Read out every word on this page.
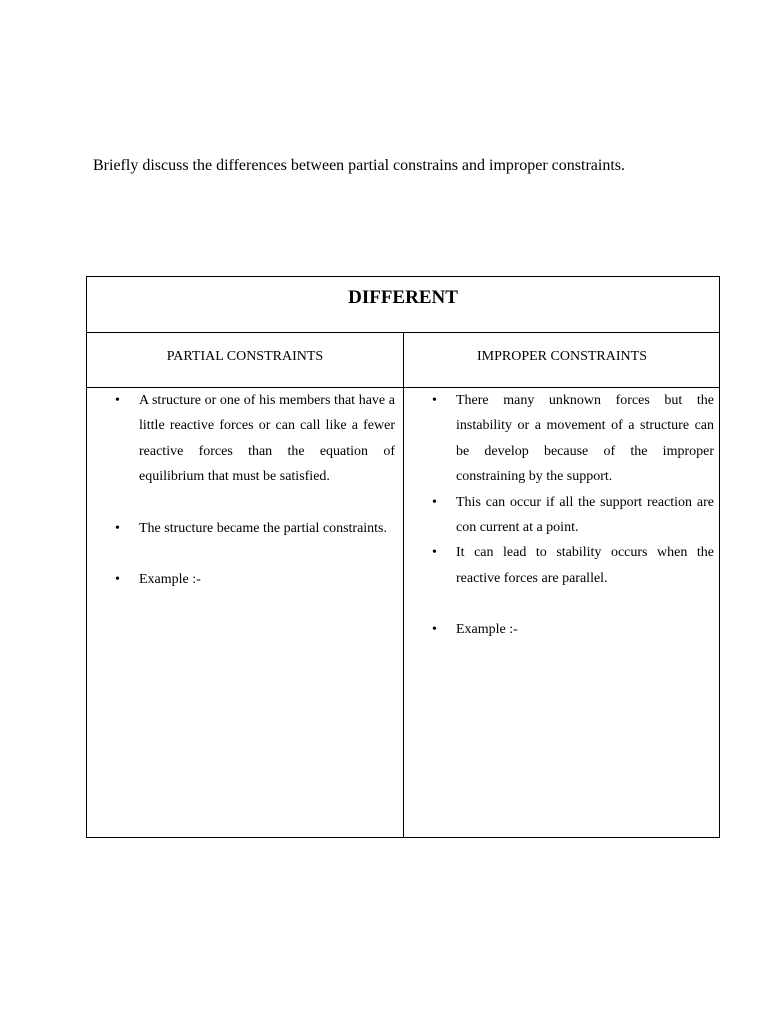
Briefly discuss the differences between partial constrains and improper constraints.

DIFFERENT
PARTIAL CONSTRAINTS	IMPROPER CONSTRAINTS
• A structure or one of his members that have a little reactive forces or can call like a fewer reactive forces than the equation of equilibrium that must be satisfied.
• The structure became the partial constraints.
• Example :-
• There many unknown forces but the instability or a movement of a structure can be develop because of the improper constraining by the support.
• This can occur if all the support reaction are con current at a point.
• It can lead to stability occurs when the reactive forces are parallel.
• Example :-
